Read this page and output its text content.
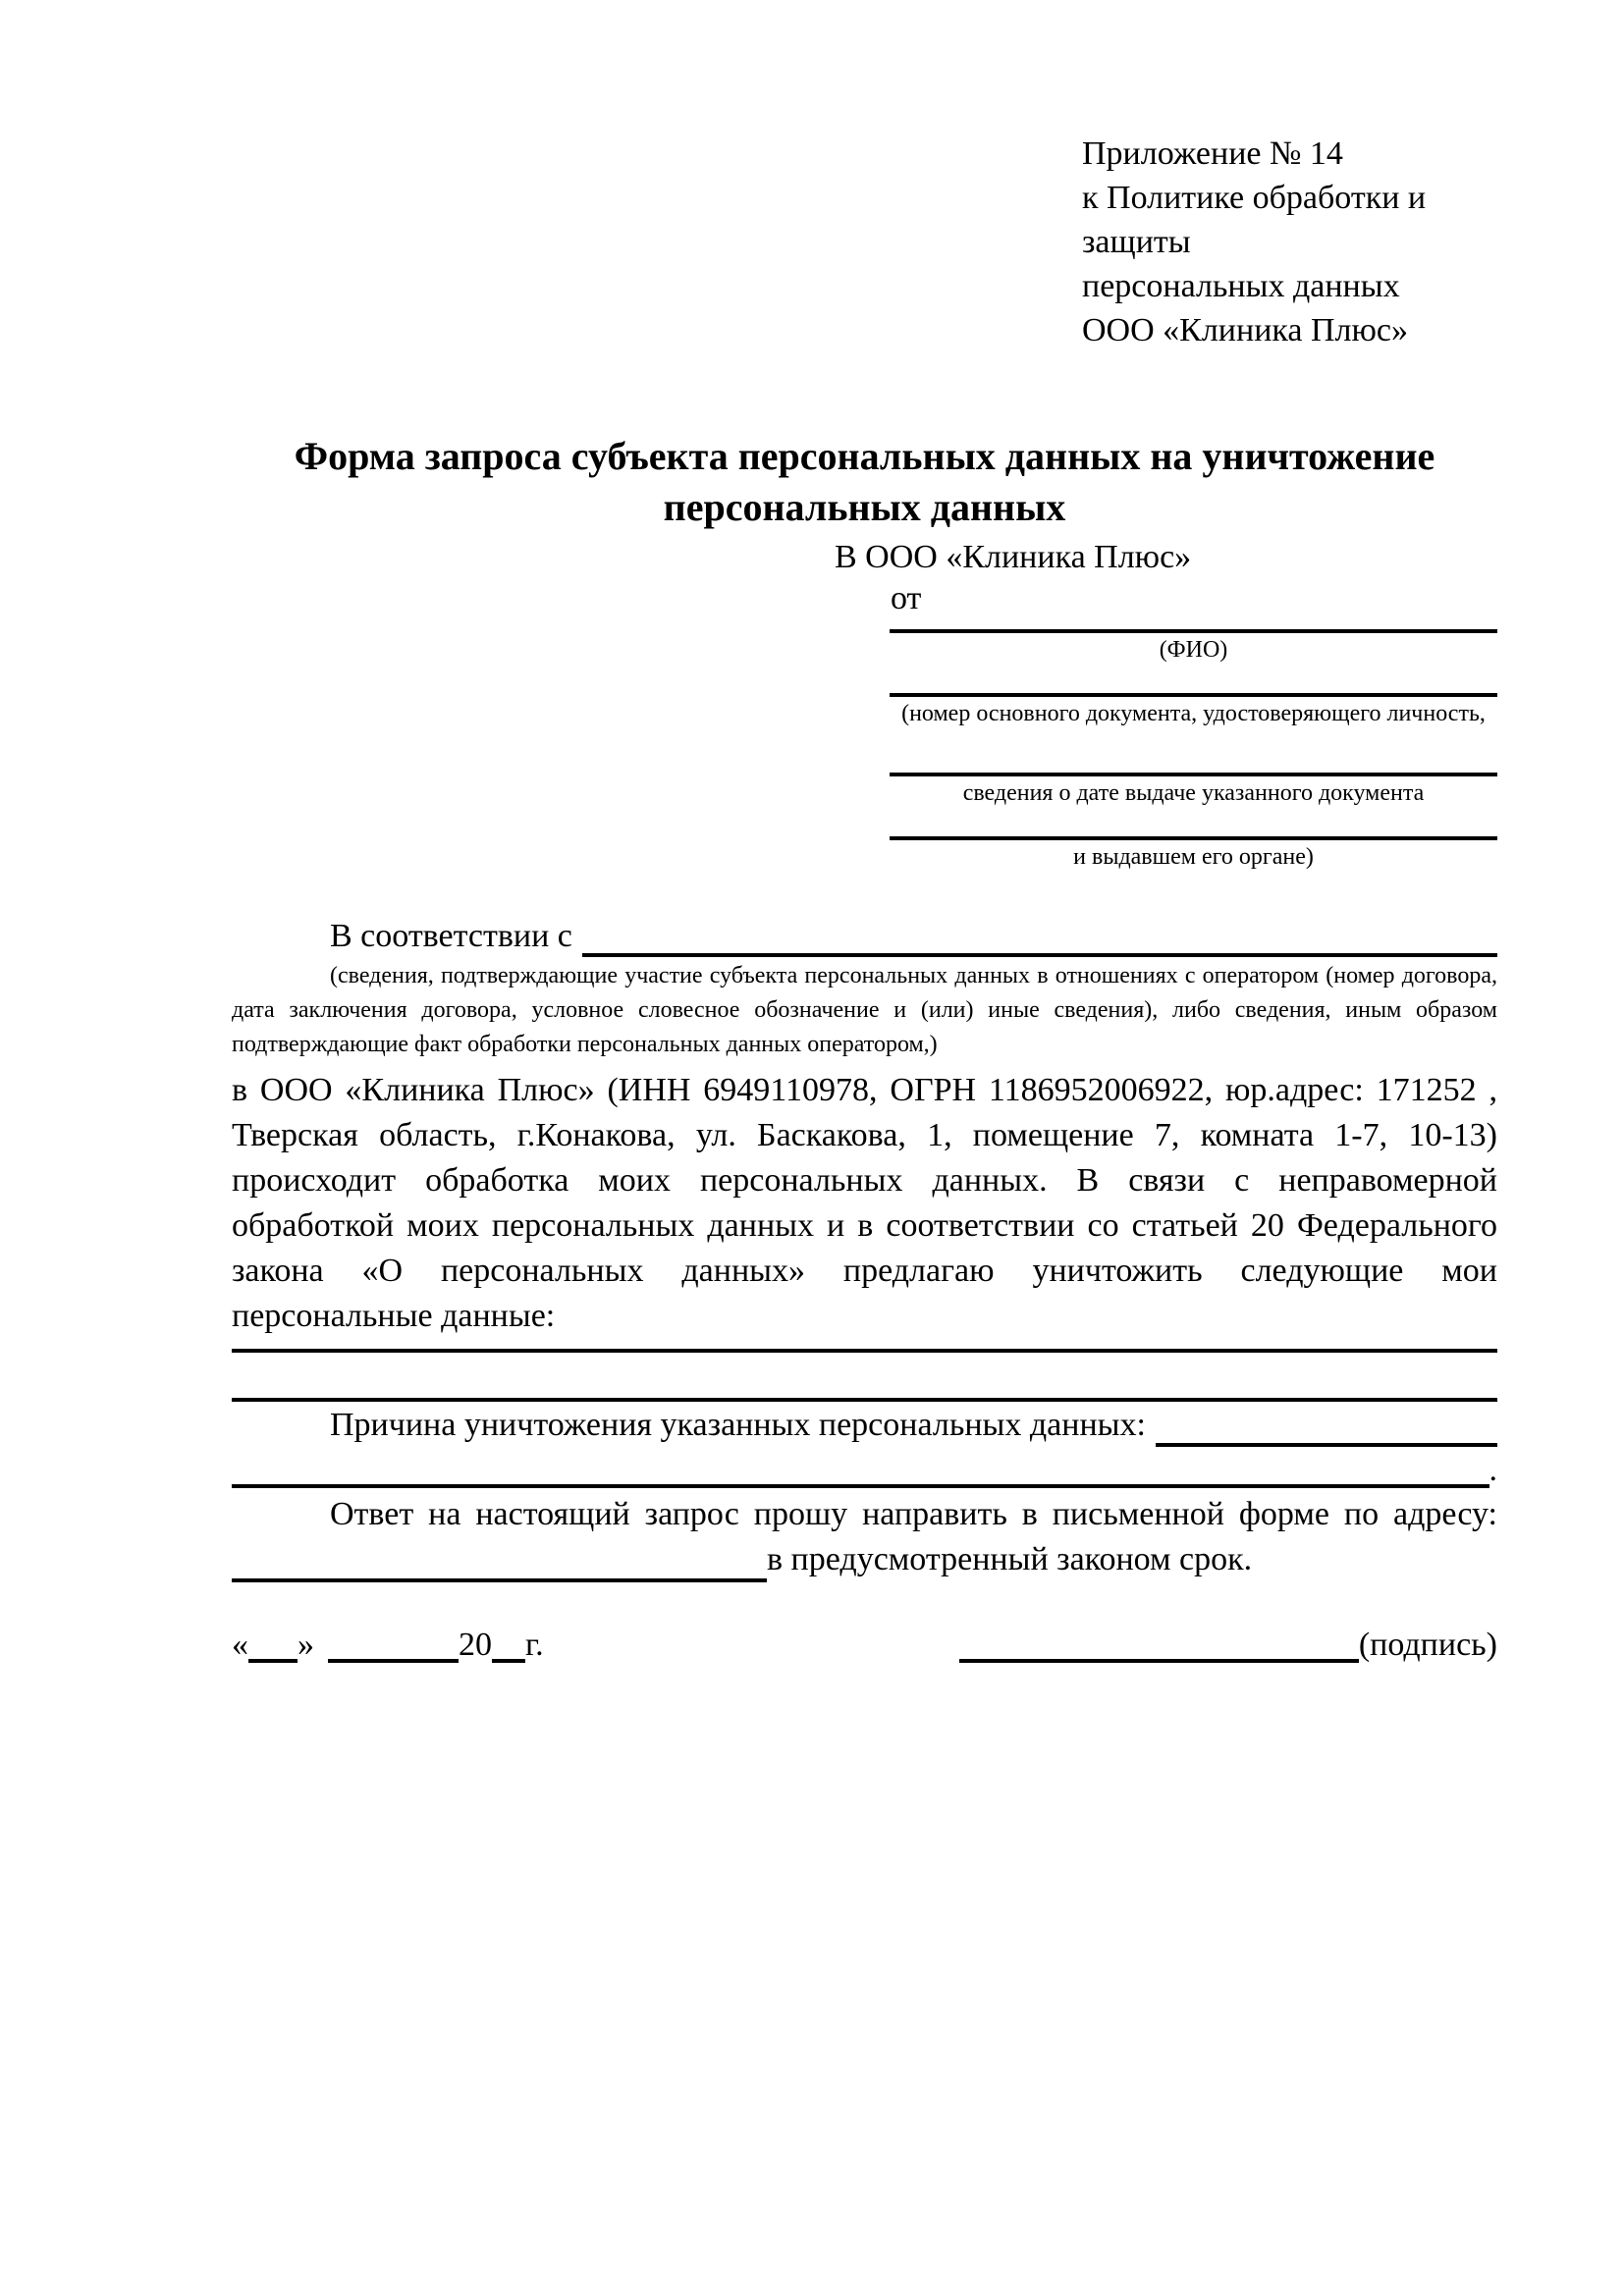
Приложение № 14
к Политике обработки и защиты
персональных данных
ООО «Клиника Плюс»
Форма запроса субъекта персональных данных на уничтожение персональных данных
В ООО «Клиника Плюс»
от
(ФИО)
(номер основного документа, удостоверяющего личность,
сведения о дате выдаче указанного документа
и выдавшем его органе)
В соответствии с

(сведения, подтверждающие участие субъекта персональных данных в отношениях с оператором (номер договора, дата заключения договора, условное словесное обозначение и (или) иные сведения), либо сведения, иным образом подтверждающие факт обработки персональных данных оператором,)

в ООО «Клиника Плюс» (ИНН 6949110978, ОГРН 1186952006922, юр.адрес: 171252 , Тверская область, г.Конакова, ул. Баскакова, 1, помещение 7, комната 1-7, 10-13) происходит обработка моих персональных данных. В связи с неправомерной обработкой моих персональных данных и в соответствии со статьей 20 Федерального закона «О персональных данных» предлагаю уничтожить следующие мои персональные данные:

Причина уничтожения указанных персональных данных:
.

Ответ на настоящий запрос прошу направить в письменной форме по адресу:

в предусмотренный законом срок.
« »	20 г.	(подпись)
